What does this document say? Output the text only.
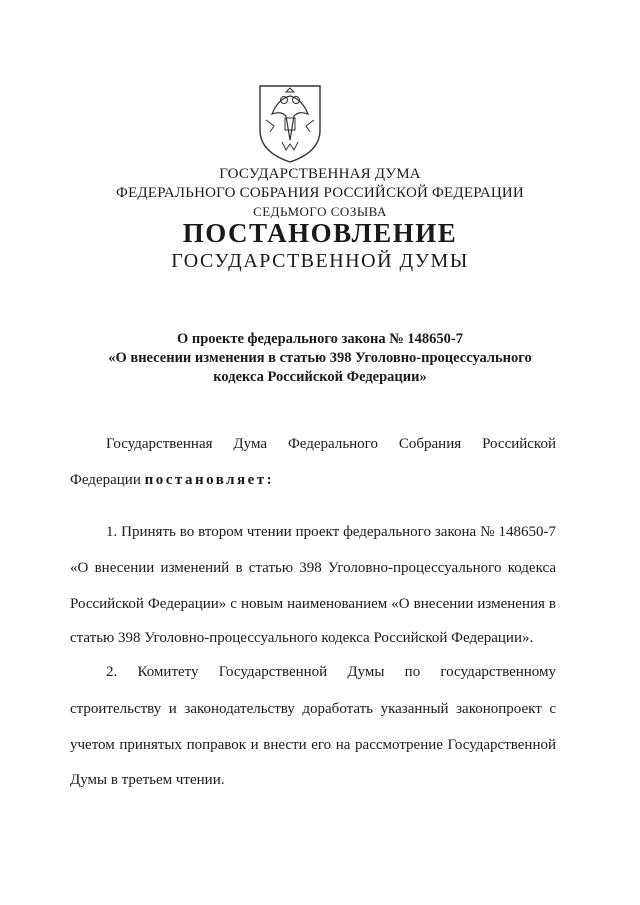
ГОСУДАРСТВЕННАЯ ДУМА
ФЕДЕРАЛЬНОГО СОБРАНИЯ РОССИЙСКОЙ ФЕДЕРАЦИИ
СЕДЬМОГО СОЗЫВА
ПОСТАНОВЛЕНИЕ
ГОСУДАРСТВЕННОЙ ДУМЫ
О проекте федерального закона № 148650-7
«О внесении изменения в статью 398 Уголовно-процессуального
кодекса Российской Федерации»
Государственная Дума Федерального Собрания Российской
Федерации постановляет:
1. Принять во втором чтении проект федерального закона № 148650-7
«О внесении изменений в статью 398 Уголовно-процессуального кодекса
Российской Федерации» с новым наименованием «О внесении изменения в
статью 398 Уголовно-процессуального кодекса Российской Федерации».
2. Комитету Государственной Думы по государственному
строительству и законодательству доработать указанный законопроект с
учетом принятых поправок и внести его на рассмотрение Государственной
Думы в третьем чтении.
